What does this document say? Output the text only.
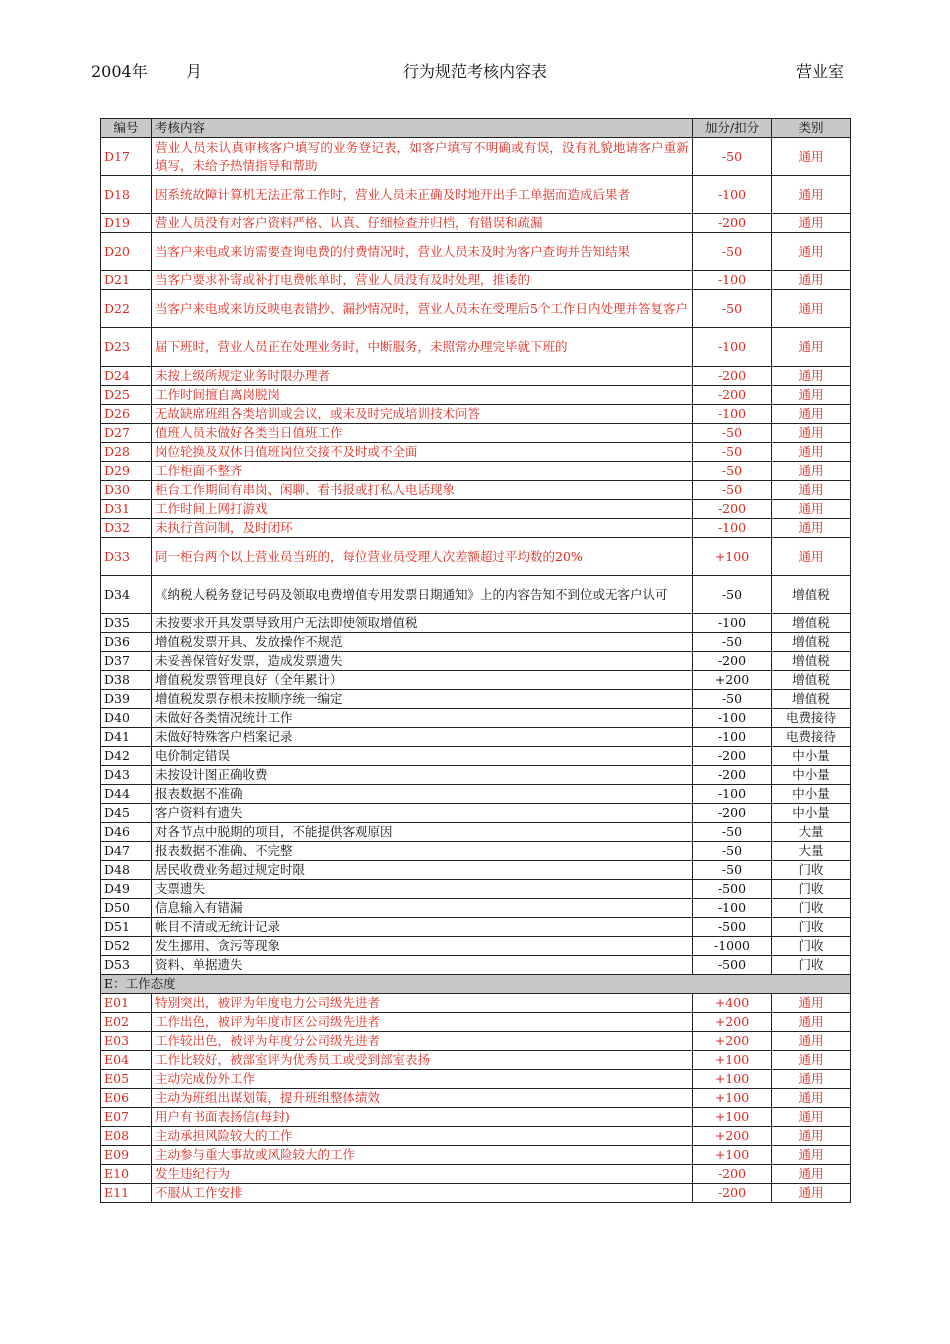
2004年 月	行为规范考核内容表	营业室
编号	考核内容	加分/扣分	类别
D17	营业人员未认真审核客户填写的业务登记表，如客户填写不明确或有误，没有礼貌地请客户重新填写，未给予热情指导和帮助	-50	通用
D18	因系统故障计算机无法正常工作时，营业人员未正确及时地开出手工单据而造成后果者	-100	通用
D19	营业人员没有对客户资料严格、认真、仔细检查并归档，有错误和疏漏	-200	通用
D20	当客户来电或来访需要查询电费的付费情况时，营业人员未及时为客户查询并告知结果	-50	通用
D21	当客户要求补寄或补打电费帐单时，营业人员没有及时处理，推诿的	-100	通用
D22	当客户来电或来访反映电表错抄、漏抄情况时，营业人员未在受理后5个工作日内处理并答复客户	-50	通用
D23	届下班时，营业人员正在处理业务时，中断服务，未照常办理完毕就下班的	-100	通用
D24	未按上级所规定业务时限办理者	-200	通用
D25	工作时间擅自离岗脱岗	-200	通用
D26	无故缺席班组各类培训或会议，或未及时完成培训技术问答	-100	通用
D27	值班人员未做好各类当日值班工作	-50	通用
D28	岗位轮换及双休日值班岗位交接不及时或不全面	-50	通用
D29	工作柜面不整齐	-50	通用
D30	柜台工作期间有串岗、闲聊、看书报或打私人电话现象	-50	通用
D31	工作时间上网打游戏	-200	通用
D32	未执行首问制，及时闭环	-100	通用
D33	同一柜台两个以上营业员当班的，每位营业员受理人次差额超过平均数的20%	+100	通用
D34	《纳税人税务登记号码及领取电费增值专用发票日期通知》上的内容告知不到位或无客户认可	-50	增值税
D35	未按要求开具发票导致用户无法即使领取增值税	-100	增值税
D36	增值税发票开具、发放操作不规范	-50	增值税
D37	未妥善保管好发票，造成发票遗失	-200	增值税
D38	增值税发票管理良好（全年累计）	+200	增值税
D39	增值税发票存根未按顺序统一编定	-50	增值税
D40	未做好各类情况统计工作	-100	电费接待
D41	未做好特殊客户档案记录	-100	电费接待
D42	电价制定错误	-200	中小量
D43	未按设计图正确收费	-200	中小量
D44	报表数据不准确	-100	中小量
D45	客户资料有遗失	-200	中小量
D46	对各节点中脱期的项目，不能提供客观原因	-50	大量
D47	报表数据不准确、不完整	-50	大量
D48	居民收费业务超过规定时限	-50	门收
D49	支票遗失	-500	门收
D50	信息输入有错漏	-100	门收
D51	帐目不清或无统计记录	-500	门收
D52	发生挪用、贪污等现象	-1000	门收
D53	资料、单据遗失	-500	门收
E：工作态度			
E01	特别突出，被评为年度电力公司级先进者	+400	通用
E02	工作出色，被评为年度市区公司级先进者	+200	通用
E03	工作较出色，被评为年度分公司级先进者	+200	通用
E04	工作比较好，被部室评为优秀员工或受到部室表扬	+100	通用
E05	主动完成份外工作	+100	通用
E06	主动为班组出谋划策，提升班组整体绩效	+100	通用
E07	用户有书面表扬信(每封)	+100	通用
E08	主动承担风险较大的工作	+200	通用
E09	主动参与重大事故或风险较大的工作	+100	通用
E10	发生违纪行为	-200	通用
E11	不服从工作安排	-200	通用
